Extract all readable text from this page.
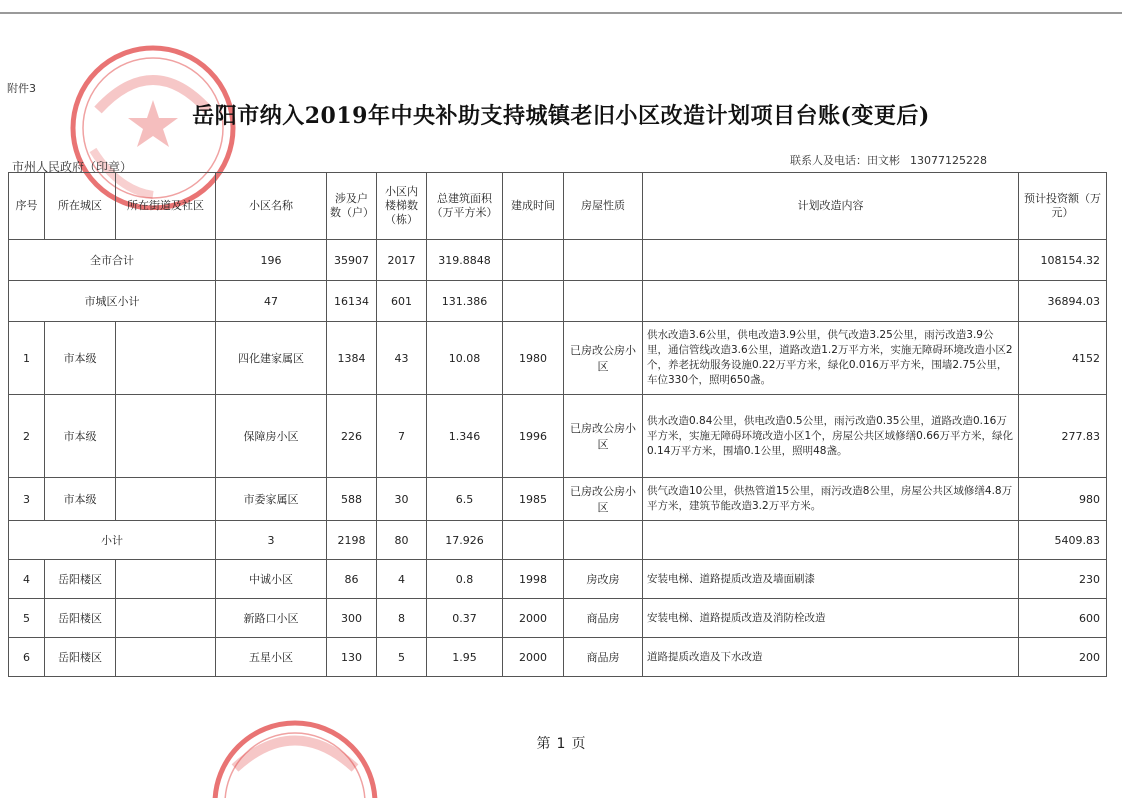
附件3
岳阳市纳入2019年中央补助支持城镇老旧小区改造计划项目台账(变更后)
市州人民政府（印章）	联系人及电话：田文彬 13077125228
序号	所在城区	所在街道及社区	小区名称	涉及户数（户）	小区内楼梯数（栋）	总建筑面积（万平方米）	建成时间	房屋性质	计划改造内容	预计投资额（万元）
全市合计			196	35907	2017	319.8848				108154.32
市城区小计			47	16134	601	131.386				36894.03
1	市本级		四化建家属区	1384	43	10.08	1980	已房改公房小区	供水改造3.6公里，供电改造3.9公里，供气改造3.25公里，雨污改造3.9公里，通信管线改造3.6公里，道路改造1.2万平方米，实施无障碍环境改造小区2个，养老抚幼服务设施0.22万平方米，绿化0.016万平方米，围墙2.75公里，车位330个，照明650盏。	4152
2	市本级		保障房小区	226	7	1.346	1996	已房改公房小区	供水改造0.84公里，供电改造0.5公里，雨污改造0.35公里，道路改造0.16万平方米，实施无障碍环境改造小区1个，房屋公共区域修缮0.66万平方米，绿化0.14万平方米，围墙0.1公里，照明48盏。	277.83
3	市本级		市委家属区	588	30	6.5	1985	已房改公房小区	供气改造10公里，供热管道15公里，雨污改造8公里，房屋公共区域修缮4.8万平方米，建筑节能改造3.2万平方米。	980
小计			3	2198	80	17.926				5409.83
4	岳阳楼区		中诚小区	86	4	0.8	1998	房改房	安装电梯、道路提质改造及墙面刷漆	230
5	岳阳楼区		新路口小区	300	8	0.37	2000	商品房	安装电梯、道路提质改造及消防栓改造	600
6	岳阳楼区		五星小区	130	5	1.95	2000	商品房	道路提质改造及下水改造	200
第 1 页
